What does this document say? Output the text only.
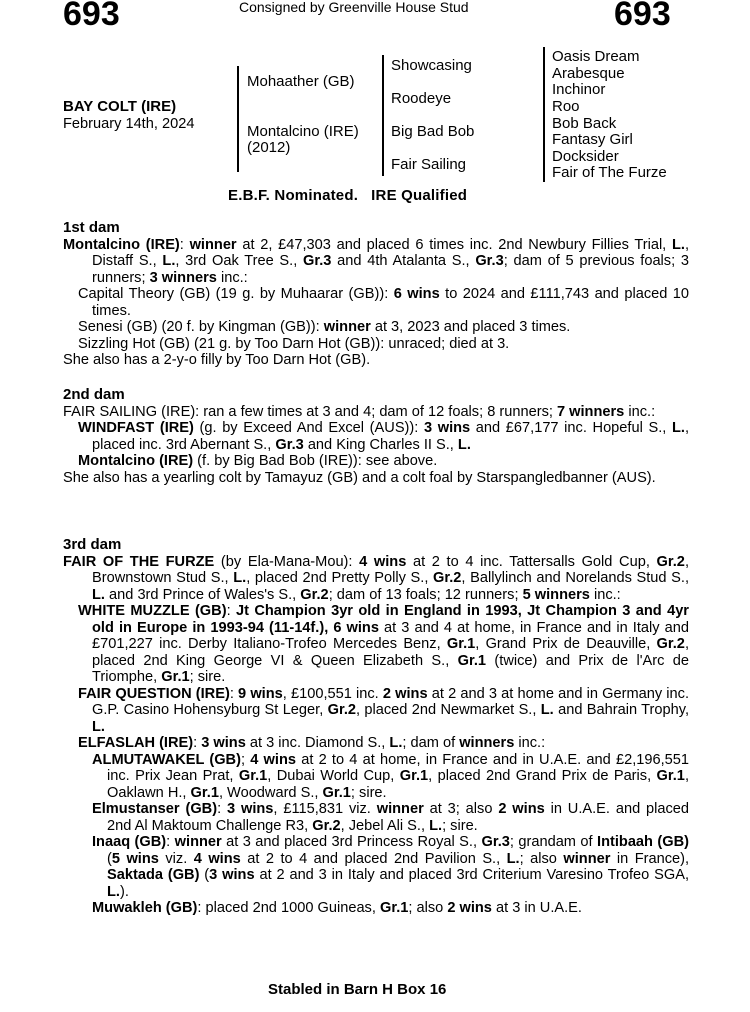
693	693
Consigned by Greenville House Stud
BAY COLT (IRE)
February 14th, 2024
Mohaather (GB)
Montalcino (IRE)
(2012)
Showcasing
Roodeye
Big Bad Bob
Fair Sailing
Oasis Dream
Arabesque
Inchinor
Roo
Bob Back
Fantasy Girl
Docksider
Fair of The Furze
E.B.F. Nominated.   IRE Qualified
1st dam

Montalcino (IRE): winner at 2, £47,303 and placed 6 times inc. 2nd Newbury Fillies Trial, L., Distaff S., L., 3rd Oak Tree S., Gr.3 and 4th Atalanta S., Gr.3; dam of 5 previous foals; 3 runners; 3 winners inc.:

Capital Theory (GB) (19 g. by Muhaarar (GB)): 6 wins to 2024 and £111,743 and placed 10 times.

Senesi (GB) (20 f. by Kingman (GB)): winner at 3, 2023 and placed 3 times.

Sizzling Hot (GB) (21 g. by Too Darn Hot (GB)): unraced; died at 3.

She also has a 2-y-o filly by Too Darn Hot (GB).

2nd dam

FAIR SAILING (IRE): ran a few times at 3 and 4; dam of 12 foals; 8 runners; 7 winners inc.:

WINDFAST (IRE) (g. by Exceed And Excel (AUS)): 3 wins and £67,177 inc. Hopeful S., L., placed inc. 3rd Abernant S., Gr.3 and King Charles II S., L.

Montalcino (IRE) (f. by Big Bad Bob (IRE)): see above.

She also has a yearling colt by Tamayuz (GB) and a colt foal by Starspangledbanner (AUS).

3rd dam

FAIR OF THE FURZE (by Ela-Mana-Mou): 4 wins at 2 to 4 inc. Tattersalls Gold Cup, Gr.2, Brownstown Stud S., L., placed 2nd Pretty Polly S., Gr.2, Ballylinch and Norelands Stud S., L. and 3rd Prince of Wales's S., Gr.2; dam of 13 foals; 12 runners; 5 winners inc.:

WHITE MUZZLE (GB): Jt Champion 3yr old in England in 1993, Jt Champion 3 and 4yr old in Europe in 1993-94 (11-14f.), 6 wins at 3 and 4 at home, in France and in Italy and £701,227 inc. Derby Italiano-Trofeo Mercedes Benz, Gr.1, Grand Prix de Deauville, Gr.2, placed 2nd King George VI & Queen Elizabeth S., Gr.1 (twice) and Prix de l'Arc de Triomphe, Gr.1; sire.

FAIR QUESTION (IRE): 9 wins, £100,551 inc. 2 wins at 2 and 3 at home and in Germany inc. G.P. Casino Hohensyburg St Leger, Gr.2, placed 2nd Newmarket S., L. and Bahrain Trophy, L.

ELFASLAH (IRE): 3 wins at 3 inc. Diamond S., L.; dam of winners inc.:

ALMUTAWAKEL (GB); 4 wins at 2 to 4 at home, in France and in U.A.E. and £2,196,551 inc. Prix Jean Prat, Gr.1, Dubai World Cup, Gr.1, placed 2nd Grand Prix de Paris, Gr.1, Oaklawn H., Gr.1, Woodward S., Gr.1; sire.

Elmustanser (GB): 3 wins, £115,831 viz. winner at 3; also 2 wins in U.A.E. and placed 2nd Al Maktoum Challenge R3, Gr.2, Jebel Ali S., L.; sire.

Inaaq (GB): winner at 3 and placed 3rd Princess Royal S., Gr.3; grandam of Intibaah (GB) (5 wins viz. 4 wins at 2 to 4 and placed 2nd Pavilion S., L.; also winner in France), Saktada (GB) (3 wins at 2 and 3 in Italy and placed 3rd Criterium Varesino Trofeo SGA, L.).

Muwakleh (GB): placed 2nd 1000 Guineas, Gr.1; also 2 wins at 3 in U.A.E.

Stabled in Barn H Box 16
